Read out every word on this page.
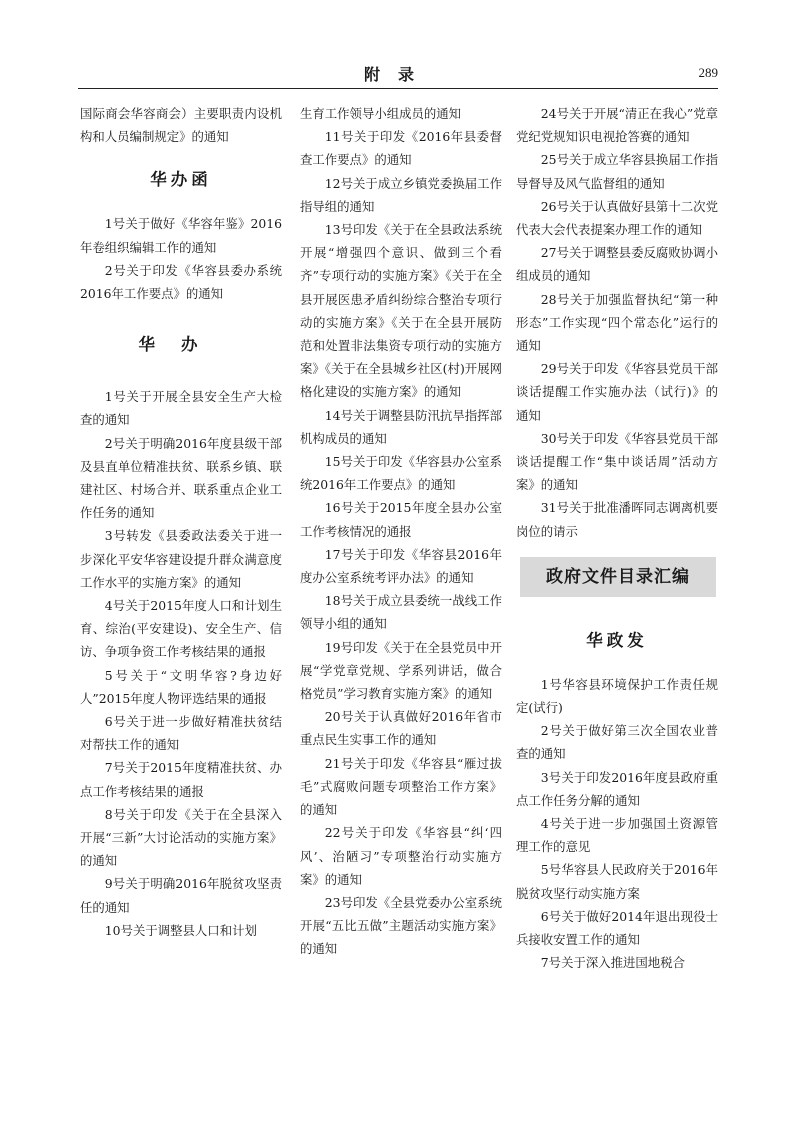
附录	289

国际商会华容商会）主要职责内设机构和人员编制规定》的通知

华办函

1号关于做好《华容年鉴》2016年卷组织编辑工作的通知

2号关于印发《华容县委办系统2016年工作要点》的通知

华办

1号关于开展全县安全生产大检查的通知

2号关于明确2016年度县级干部及县直单位精准扶贫、联系乡镇、联建社区、村场合并、联系重点企业工作任务的通知

3号转发《县委政法委关于进一步深化平安华容建设提升群众满意度工作水平的实施方案》的通知

4号关于2015年度人口和计划生育、综治(平安建设)、安全生产、信访、争项争资工作考核结果的通报

5号关于“文明华容?身边好人”2015年度人物评选结果的通报

6号关于进一步做好精准扶贫结对帮扶工作的通知

7号关于2015年度精准扶贫、办点工作考核结果的通报

8号关于印发《关于在全县深入开展“三新”大讨论活动的实施方案》的通知

9号关于明确2016年脱贫攻坚责任的通知

10号关于调整县人口和计划

生育工作领导小组成员的通知

11号关于印发《2016年县委督查工作要点》的通知

12号关于成立乡镇党委换届工作指导组的通知

13号印发《关于在全县政法系统开展“增强四个意识、做到三个看齐”专项行动的实施方案》《关于在全县开展医患矛盾纠纷综合整治专项行动的实施方案》《关于在全县开展防范和处置非法集资专项行动的实施方案》《关于在全县城乡社区(村)开展网格化建设的实施方案》的通知

14号关于调整县防汛抗旱指挥部机构成员的通知

15号关于印发《华容县办公室系统2016年工作要点》的通知

16号关于2015年度全县办公室工作考核情况的通报

17号关于印发《华容县2016年度办公室系统考评办法》的通知

18号关于成立县委统一战线工作领导小组的通知

19号印发《关于在全县党员中开展“学党章党规、学系列讲话，做合格党员”学习教育实施方案》的通知

20号关于认真做好2016年省市重点民生实事工作的通知

21号关于印发《华容县“雁过拔毛”式腐败问题专项整治工作方案》的通知

22号关于印发《华容县“纠‘四风’、治陋习”专项整治行动实施方案》的通知

23号印发《全县党委办公室系统开展“五比五做”主题活动实施方案》的通知

24号关于开展“清正在我心”党章党纪党规知识电视抢答赛的通知

25号关于成立华容县换届工作指导督导及风气监督组的通知

26号关于认真做好县第十二次党代表大会代表提案办理工作的通知

27号关于调整县委反腐败协调小组成员的通知

28号关于加强监督执纪“第一种形态”工作实现“四个常态化”运行的通知

29号关于印发《华容县党员干部谈话提醒工作实施办法（试行)》的通知

30号关于印发《华容县党员干部谈话提醒工作“集中谈话周”活动方案》的通知

31号关于批准潘晖同志调离机要岗位的请示

政府文件目录汇编
华政发

1号华容县环境保护工作责任规定(试行)

2号关于做好第三次全国农业普查的通知

3号关于印发2016年度县政府重点工作任务分解的通知

4号关于进一步加强国土资源管理工作的意见

5号华容县人民政府关于2016年脱贫攻坚行动实施方案

6号关于做好2014年退出现役士兵接收安置工作的通知

7号关于深入推进国地税合
